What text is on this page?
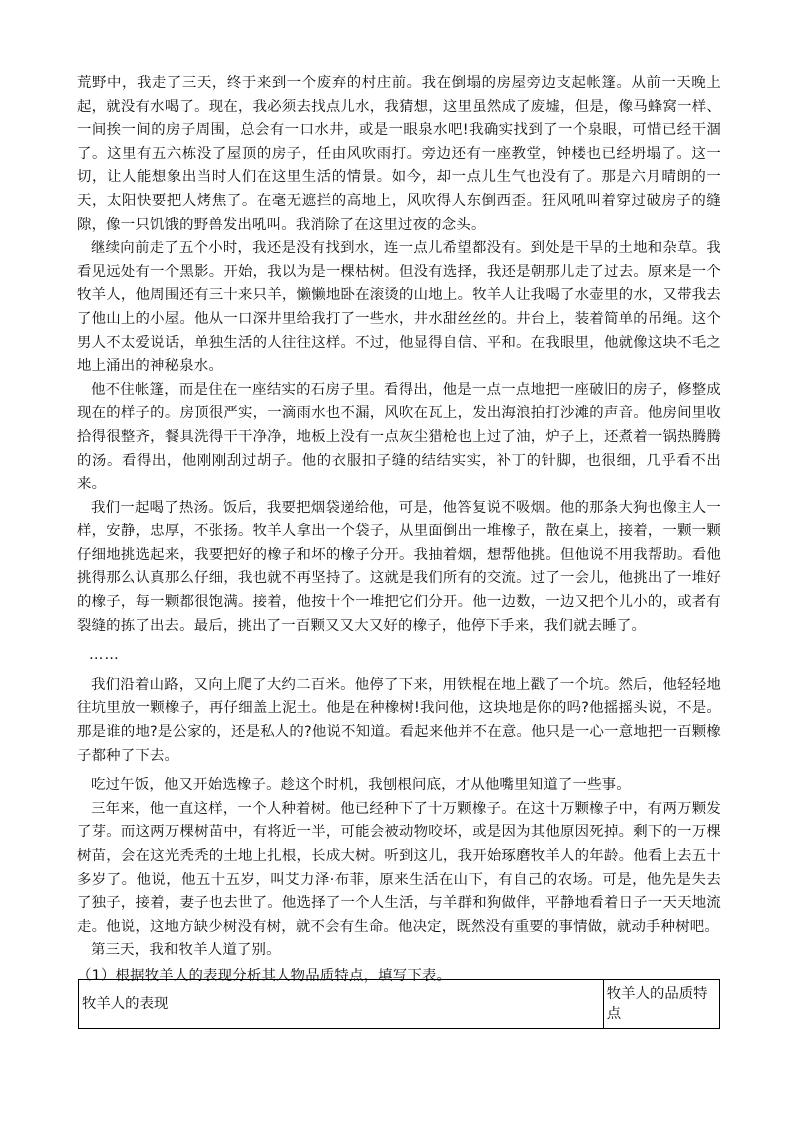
荒野中，我走了三天，终于来到一个废弃的村庄前。我在倒塌的房屋旁边支起帐篷。从前一天晚上起，就没有水喝了。现在，我必须去找点儿水，我猜想，这里虽然成了废墟，但是，像马蜂窝一样、一间挨一间的房子周围，总会有一口水井，或是一眼泉水吧!我确实找到了一个泉眼，可惜已经干涸了。这里有五六栋没了屋顶的房子，任由风吹雨打。旁边还有一座教堂，钟楼也已经坍塌了。这一切，让人能想象出当时人们在这里生活的情景。如今，却一点儿生气也没有了。那是六月晴朗的一天，太阳快要把人烤焦了。在毫无遮拦的高地上，风吹得人东倒西歪。狂风吼叫着穿过破房子的缝隙，像一只饥饿的野兽发出吼叫。我消除了在这里过夜的念头。

继续向前走了五个小时，我还是没有找到水，连一点儿希望都没有。到处是干旱的土地和杂草。我看见远处有一个黑影。开始，我以为是一棵枯树。但没有选择，我还是朝那儿走了过去。原来是一个牧羊人，他周围还有三十来只羊，懒懒地卧在滚烫的山地上。牧羊人让我喝了水壶里的水，又带我去了他山上的小屋。他从一口深井里给我打了一些水，井水甜丝丝的。井台上，装着简单的吊绳。这个男人不太爱说话，单独生活的人往往这样。不过，他显得自信、平和。在我眼里，他就像这块不毛之地上涌出的神秘泉水。

他不住帐篷，而是住在一座结实的石房子里。看得出，他是一点一点地把一座破旧的房子，修整成现在的样子的。房顶很严实，一滴雨水也不漏，风吹在瓦上，发出海浪拍打沙滩的声音。他房间里收拾得很整齐，餐具洗得干干净净，地板上没有一点灰尘猎枪也上过了油，炉子上，还煮着一锅热腾腾的汤。看得出，他刚刚刮过胡子。他的衣服扣子缝的结结实实，补丁的针脚，也很细，几乎看不出来。

我们一起喝了热汤。饭后，我要把烟袋递给他，可是，他答复说不吸烟。他的那条大狗也像主人一样，安静，忠厚，不张扬。牧羊人拿出一个袋子，从里面倒出一堆橡子，散在桌上，接着，一颗一颗仔细地挑选起来，我要把好的橡子和坏的橡子分开。我抽着烟，想帮他挑。但他说不用我帮助。看他挑得那么认真那么仔细，我也就不再坚持了。这就是我们所有的交流。过了一会儿，他挑出了一堆好的橡子，每一颗都很饱满。接着，他按十个一堆把它们分开。他一边数，一边又把个儿小的，或者有裂缝的拣了出去。最后，挑出了一百颗又又大又好的橡子，他停下手来，我们就去睡了。

……

我们沿着山路，又向上爬了大约二百米。他停了下来，用铁棍在地上戳了一个坑。然后，他轻轻地往坑里放一颗橡子，再仔细盖上泥土。他是在种橡树!我问他，这块地是你的吗?他摇摇头说，不是。那是谁的地?是公家的，还是私人的?他说不知道。看起来他并不在意。他只是一心一意地把一百颗橡子都种了下去。

吃过午饭，他又开始选橡子。趁这个时机，我刨根问底，才从他嘴里知道了一些事。

三年来，他一直这样，一个人种着树。他已经种下了十万颗橡子。在这十万颗橡子中，有两万颗发了芽。而这两万棵树苗中，有将近一半，可能会被动物咬坏，或是因为其他原因死掉。剩下的一万棵树苗，会在这光秃秃的土地上扎根，长成大树。听到这儿，我开始琢磨牧羊人的年龄。他看上去五十多岁了。他说，他五十五岁，叫艾力泽·布菲，原来生活在山下，有自己的农场。可是，他先是失去了独子，接着，妻子也去世了。他选择了一个人生活，与羊群和狗做伴，平静地看着日子一天天地流走。他说，这地方缺少树没有树，就不会有生命。他决定，既然没有重要的事情做，就动手种树吧。

第三天，我和牧羊人道了别。

（1）根据牧羊人的表现分析其人物品质特点，填写下表。

牧羊人的表现	牧羊人的品质特点
